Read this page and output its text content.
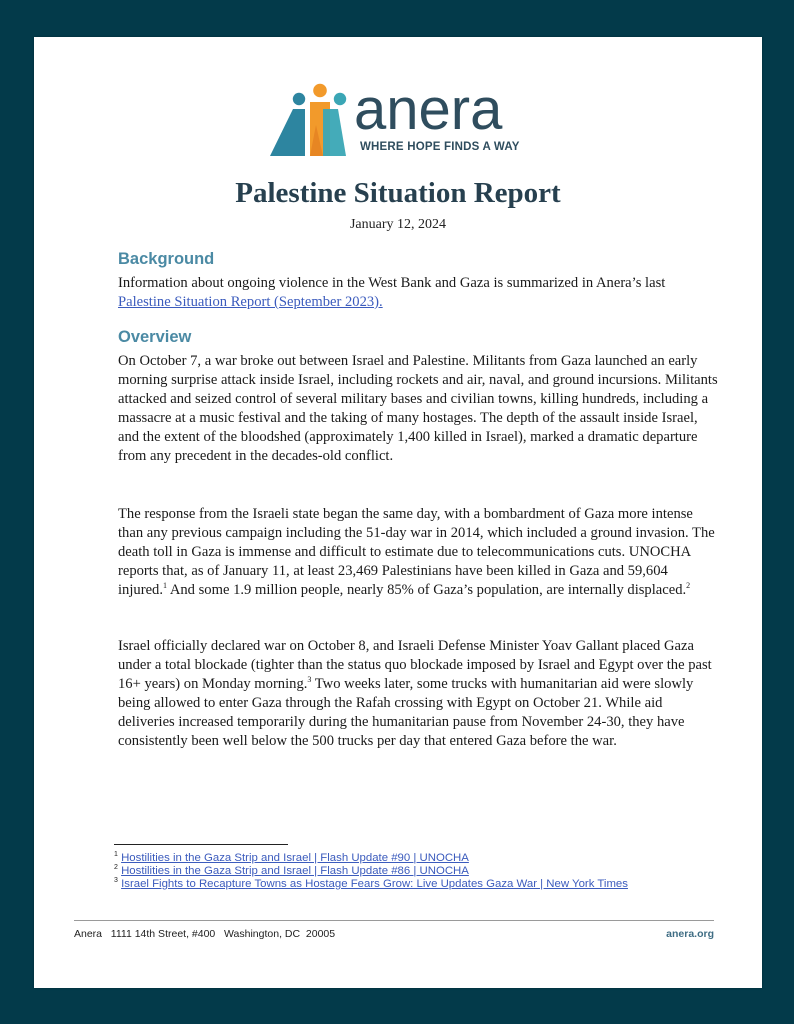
anera
WHERE HOPE FINDS A WAY
Palestine Situation Report
January 12, 2024
Background

Information about ongoing violence in the West Bank and Gaza is summarized in Anera’s last Palestine Situation Report (September 2023).

Overview

On October 7, a war broke out between Israel and Palestine. Militants from Gaza launched an early morning surprise attack inside Israel, including rockets and air, naval, and ground incursions. Militants attacked and seized control of several military bases and civilian towns, killing hundreds, including a massacre at a music festival and the taking of many hostages. The depth of the assault inside Israel, and the extent of the bloodshed (approximately 1,400 killed in Israel), marked a dramatic departure from any precedent in the decades-old conflict.

The response from the Israeli state began the same day, with a bombardment of Gaza more intense than any previous campaign including the 51-day war in 2014, which included a ground invasion. The death toll in Gaza is immense and difficult to estimate due to telecommunications cuts. UNOCHA reports that, as of January 11, at least 23,469 Palestinians have been killed in Gaza and 59,604 injured.$^1$ And some 1.9 million people, nearly 85% of Gaza’s population, are internally displaced.$^2$

Israel officially declared war on October 8, and Israeli Defense Minister Yoav Gallant placed Gaza under a total blockade (tighter than the status quo blockade imposed by Israel and Egypt over the past 16+ years) on Monday morning.$^3$ Two weeks later, some trucks with humanitarian aid were slowly being allowed to enter Gaza through the Rafah crossing with Egypt on October 21. While aid deliveries increased temporarily during the humanitarian pause from November 24-30, they have consistently been well below the 500 trucks per day that entered Gaza before the war.

$^1$ Hostilities in the Gaza Strip and Israel | Flash Update #90 | UNOCHA
$^2$ Hostilities in the Gaza Strip and Israel | Flash Update #86 | UNOCHA
$^3$ Israel Fights to Recapture Towns as Hostage Fears Grow: Live Updates Gaza War | New York Times
Anera   1111 14th Street, #400   Washington, DC  20005	anera.org
